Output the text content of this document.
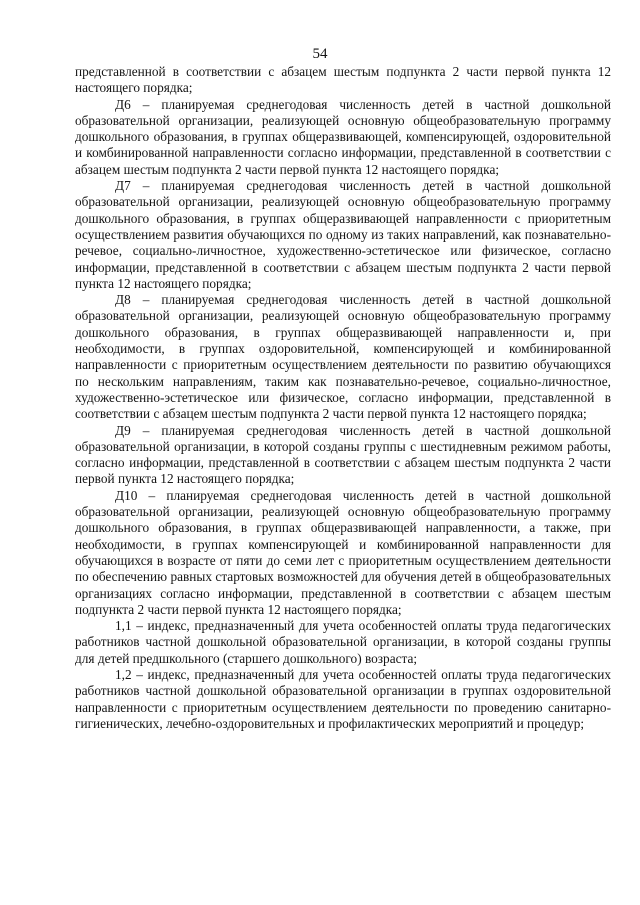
54

представленной в соответствии с абзацем шестым подпункта 2 части первой пункта 12 настоящего порядка;

Д6 – планируемая среднегодовая численность детей в частной дошкольной образовательной организации, реализующей основную общеобразовательную программу дошкольного образования, в группах общеразвивающей, компенсирующей, оздоровительной и комбинированной направленности согласно информации, представленной в соответствии с абзацем шестым подпункта 2 части первой пункта 12 настоящего порядка;

Д7 – планируемая среднегодовая численность детей в частной дошкольной образовательной организации, реализующей основную общеобразовательную программу дошкольного образования, в группах общеразвивающей направленности с приоритетным осуществлением развития обучающихся по одному из таких направлений, как познавательно-речевое, социально-личностное, художественно-эстетическое или физическое, согласно информации, представленной в соответствии с абзацем шестым подпункта 2 части первой пункта 12 настоящего порядка;

Д8 – планируемая среднегодовая численность детей в частной дошкольной образовательной организации, реализующей основную общеобразовательную программу дошкольного образования, в группах общеразвивающей направленности и, при необходимости, в группах оздоровительной, компенсирующей и комбинированной направленности с приоритетным осуществлением деятельности по развитию обучающихся по нескольким направлениям, таким как познавательно-речевое, социально-личностное, художественно-эстетическое или физическое, согласно информации, представленной в соответствии с абзацем шестым подпункта 2 части первой пункта 12 настоящего порядка;

Д9 – планируемая среднегодовая численность детей в частной дошкольной образовательной организации, в которой созданы группы с шестидневным режимом работы, согласно информации, представленной в соответствии с абзацем шестым подпункта 2 части первой пункта 12 настоящего порядка;

Д10 – планируемая среднегодовая численность детей в частной дошкольной образовательной организации, реализующей основную общеобразовательную программу дошкольного образования, в группах общеразвивающей направленности, а также, при необходимости, в группах компенсирующей и комбинированной направленности для обучающихся в возрасте от пяти до семи лет с приоритетным осуществлением деятельности по обеспечению равных стартовых возможностей для обучения детей в общеобразовательных организациях согласно информации, представленной в соответствии с абзацем шестым подпункта 2 части первой пункта 12 настоящего порядка;

1,1 – индекс, предназначенный для учета особенностей оплаты труда педагогических работников частной дошкольной образовательной организации, в которой созданы группы для детей предшкольного (старшего дошкольного) возраста;

1,2 – индекс, предназначенный для учета особенностей оплаты труда педагогических работников частной дошкольной образовательной организации в группах оздоровительной направленности с приоритетным осуществлением деятельности по проведению санитарно-гигиенических, лечебно-оздоровительных и профилактических мероприятий и процедур;
